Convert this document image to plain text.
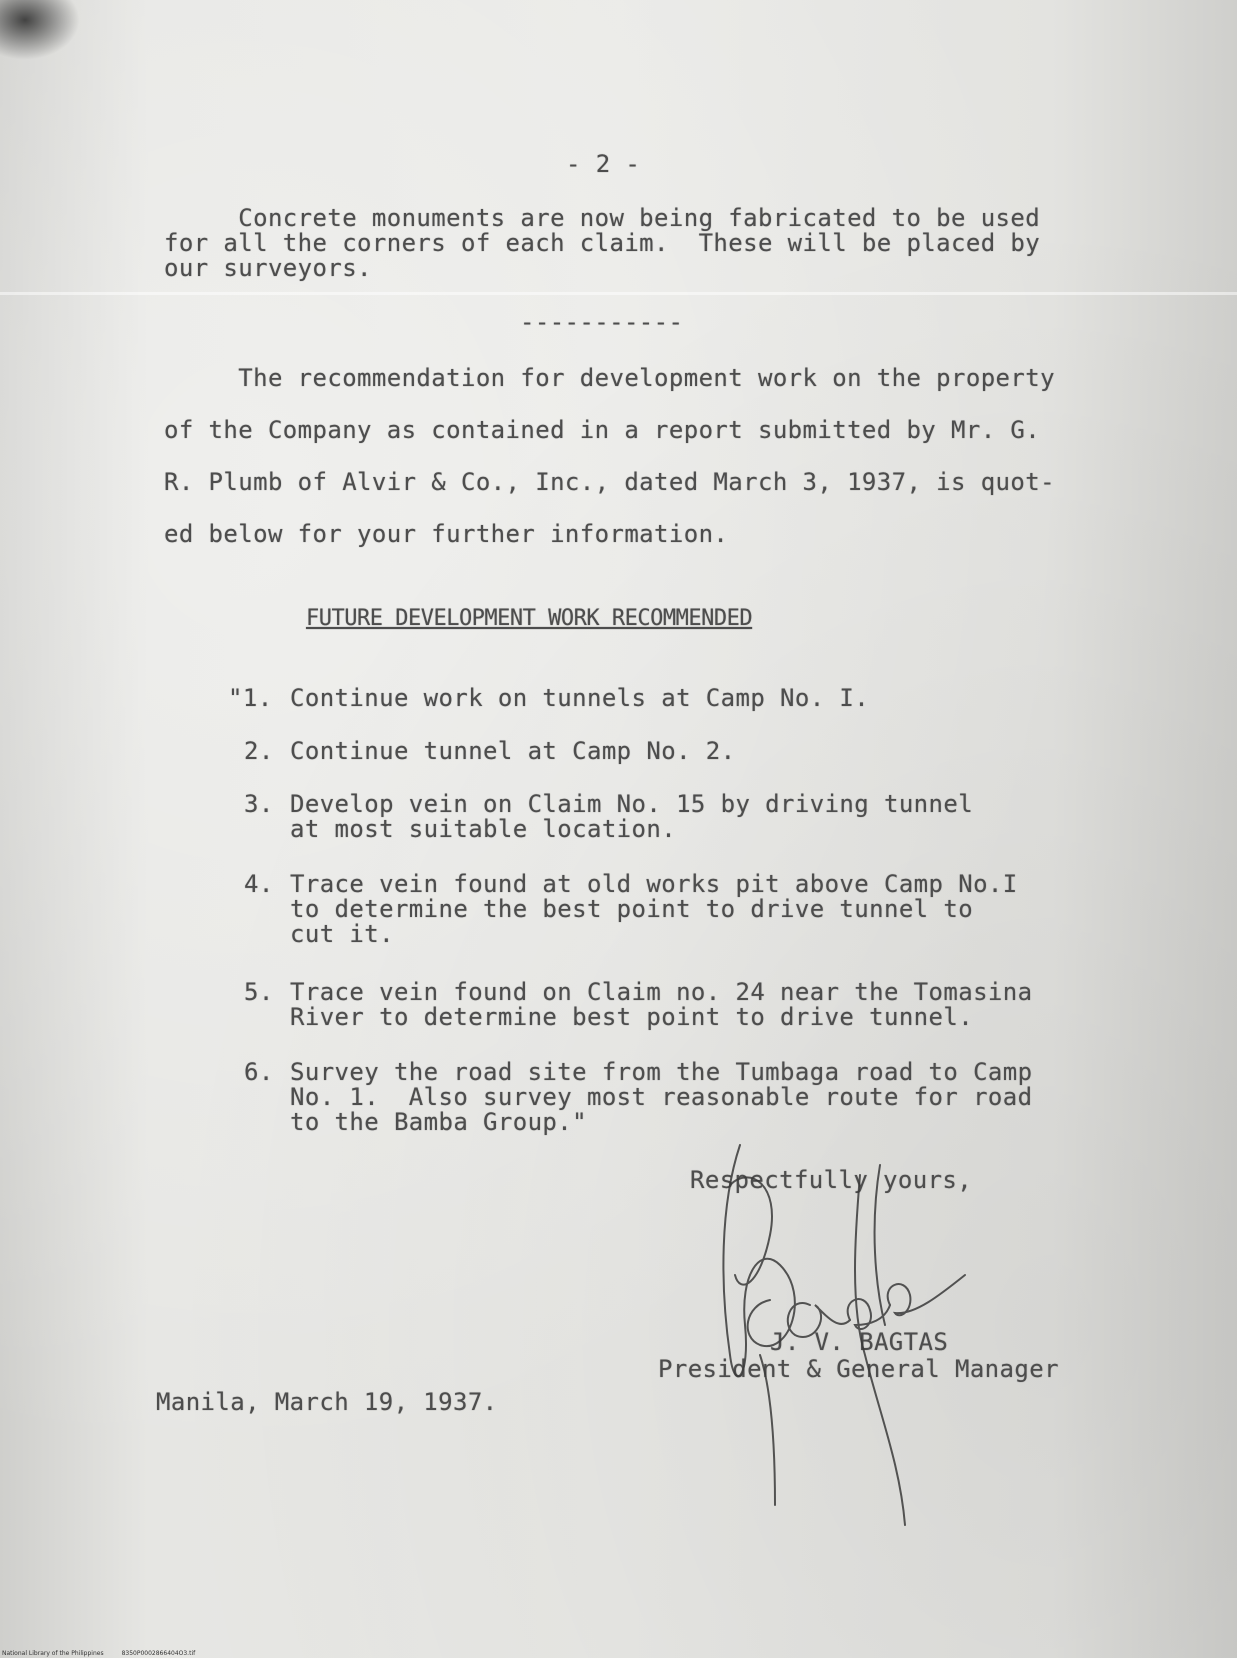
- 2 -
Concrete monuments are now being fabricated to be used
for all the corners of each claim.  These will be placed by
our surveyors.
-----------
The recommendation for development work on the property
of the Company as contained in a report submitted by Mr. G.
R. Plumb of Alvir & Co., Inc., dated March 3, 1937, is quot-
ed below for your further information.
FUTURE DEVELOPMENT WORK RECOMMENDED
"1. Continue work on tunnels at Camp No. I.
2. Continue tunnel at Camp No. 2.
3. Develop vein on Claim No. 15 by driving tunnel
at most suitable location.
4. Trace vein found at old works pit above Camp No.I
to determine the best point to drive tunnel to
cut it.
5. Trace vein found on Claim no. 24 near the Tomasina
River to determine best point to drive tunnel.
6. Survey the road site from the Tumbaga road to Camp
No. 1.  Also survey most reasonable route for road
to the Bamba Group."
Respectfully yours,
J. V. BAGTAS
President & General Manager
Manila, March 19, 1937.
National Library of the Philippines	8350P0002866404O3.tif
